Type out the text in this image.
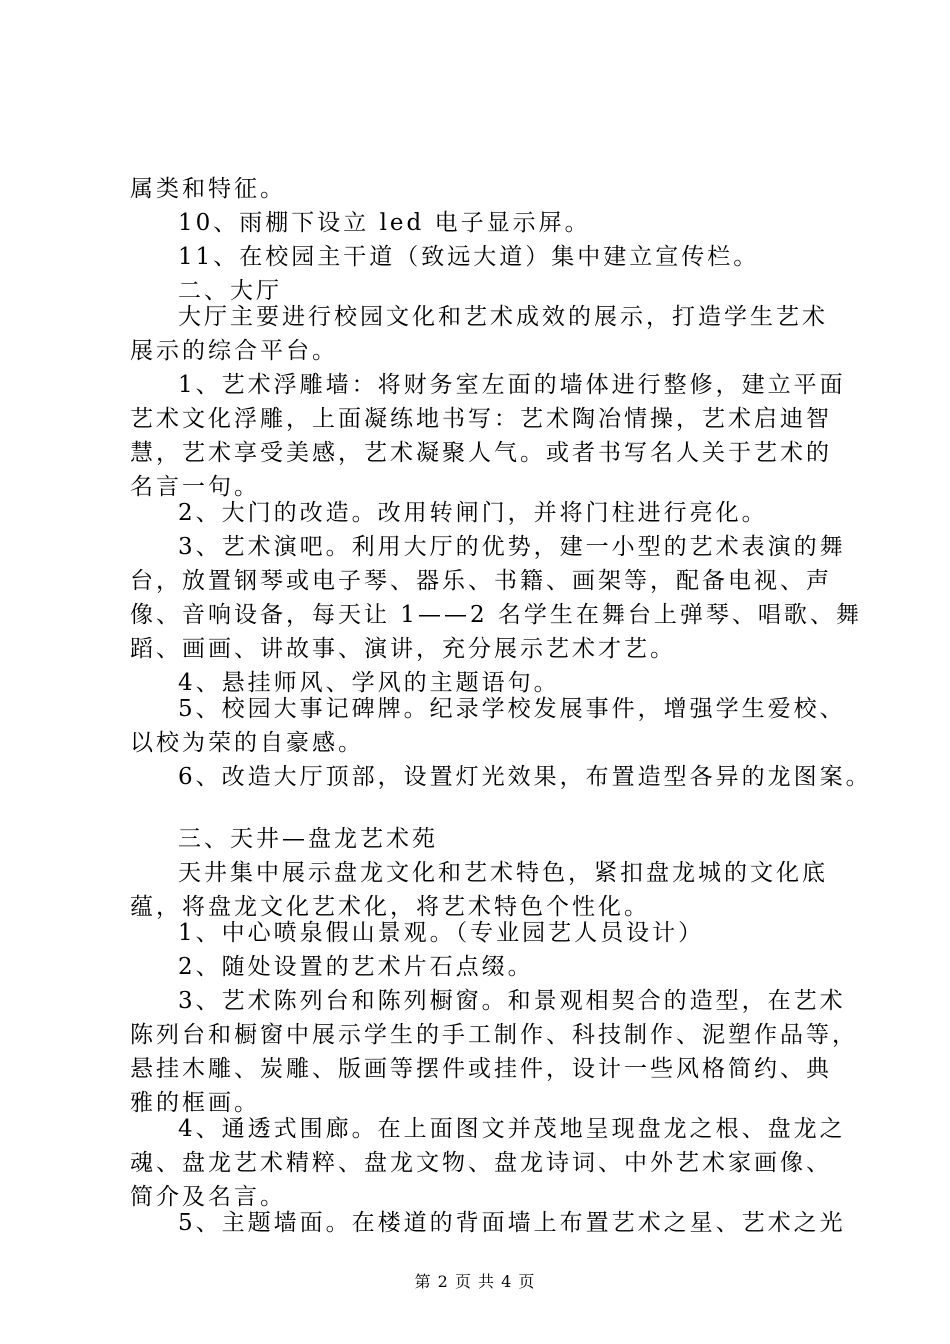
属类和特征。
10、雨棚下设立 led 电子显示屏。
11、在校园主干道（致远大道）集中建立宣传栏。
二、大厅
大厅主要进行校园文化和艺术成效的展示，打造学生艺术
展示的综合平台。
1、艺术浮雕墙：将财务室左面的墙体进行整修，建立平面
艺术文化浮雕，上面凝练地书写：艺术陶冶情操，艺术启迪智
慧，艺术享受美感，艺术凝聚人气。或者书写名人关于艺术的
名言一句。
2、大门的改造。改用转闸门，并将门柱进行亮化。
3、艺术演吧。利用大厅的优势，建一小型的艺术表演的舞
台，放置钢琴或电子琴、器乐、书籍、画架等，配备电视、声
像、音响设备，每天让 1——2 名学生在舞台上弹琴、唱歌、舞
蹈、画画、讲故事、演讲，充分展示艺术才艺。
4、悬挂师风、学风的主题语句。
5、校园大事记碑牌。纪录学校发展事件，增强学生爱校、
以校为荣的自豪感。
6、改造大厅顶部，设置灯光效果，布置造型各异的龙图案。
三、天井—盘龙艺术苑
天井集中展示盘龙文化和艺术特色，紧扣盘龙城的文化底
蕴，将盘龙文化艺术化，将艺术特色个性化。
1、中心喷泉假山景观。（专业园艺人员设计）
2、随处设置的艺术片石点缀。
3、艺术陈列台和陈列橱窗。和景观相契合的造型，在艺术
陈列台和橱窗中展示学生的手工制作、科技制作、泥塑作品等，
悬挂木雕、炭雕、版画等摆件或挂件，设计一些风格简约、典
雅的框画。
4、通透式围廊。在上面图文并茂地呈现盘龙之根、盘龙之
魂、盘龙艺术精粹、盘龙文物、盘龙诗词、中外艺术家画像、
简介及名言。
5、主题墙面。在楼道的背面墙上布置艺术之星、艺术之光
第 2 页 共 4 页
